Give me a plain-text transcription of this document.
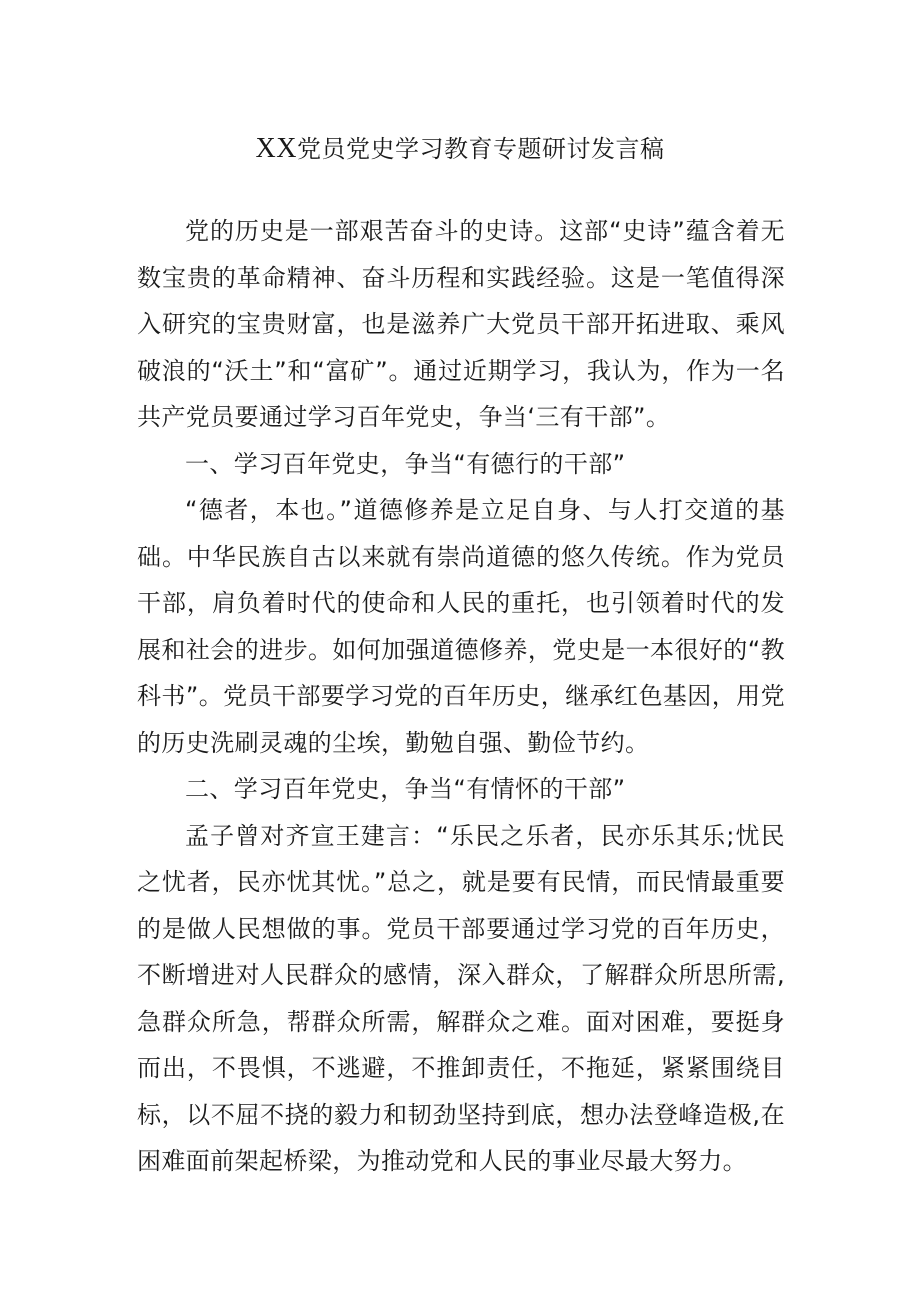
XX党员党史学习教育专题研讨发言稿

党的历史是一部艰苦奋斗的史诗。这部“史诗”蕴含着无数宝贵的革命精神、奋斗历程和实践经验。这是一笔值得深入研究的宝贵财富，也是滋养广大党员干部开拓进取、乘风破浪的“沃土”和“富矿”。通过近期学习，我认为，作为一名共产党员要通过学习百年党史，争当‘三有干部”。

一、学习百年党史，争当“有德行的干部”

“德者，本也。”道德修养是立足自身、与人打交道的基础。中华民族自古以来就有崇尚道德的悠久传统。作为党员干部，肩负着时代的使命和人民的重托，也引领着时代的发展和社会的进步。如何加强道德修养，党史是一本很好的“教科书”。党员干部要学习党的百年历史，继承红色基因，用党的历史洗刷灵魂的尘埃，勤勉自强、勤俭节约。

二、学习百年党史，争当“有情怀的干部”

孟子曾对齐宣王建言：“乐民之乐者，民亦乐其乐;忧民之忧者，民亦忧其忧。”总之，就是要有民情，而民情最重要的是做人民想做的事。党员干部要通过学习党的百年历史，不断增进对人民群众的感情，深入群众，了解群众所思所需,急群众所急，帮群众所需，解群众之难。面对困难，要挺身而出，不畏惧，不逃避，不推卸责任，不拖延，紧紧围绕目标，以不屈不挠的毅力和韧劲坚持到底，想办法登峰造极,在困难面前架起桥梁，为推动党和人民的事业尽最大努力。
